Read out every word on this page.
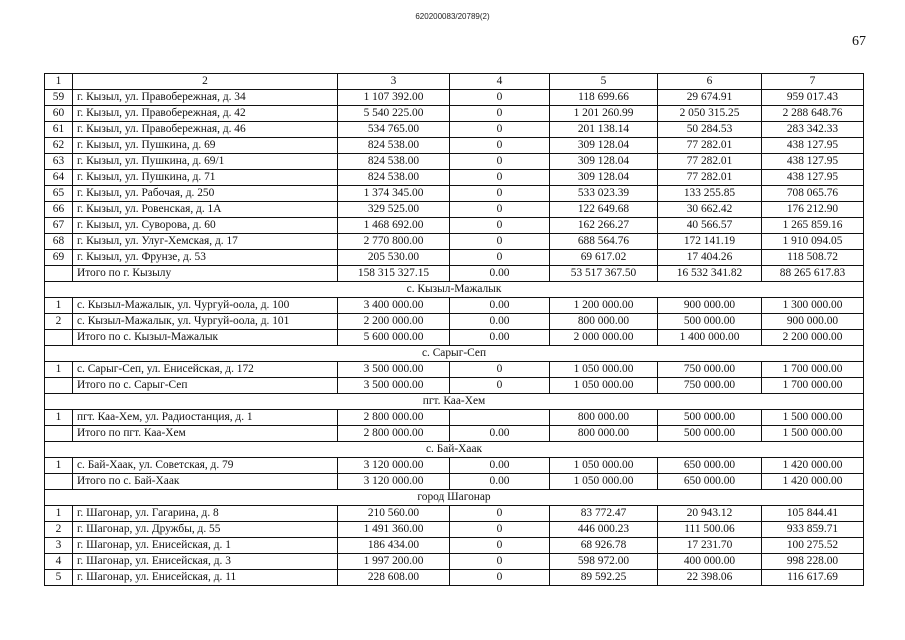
620200083/20789(2)
67
1	2	3	4	5	6	7
59	г. Кызыл, ул. Правобережная, д. 34	1 107 392.00	0	118 699.66	29 674.91	959 017.43
60	г. Кызыл, ул. Правобережная, д. 42	5 540 225.00	0	1 201 260.99	2 050 315.25	2 288 648.76
61	г. Кызыл, ул. Правобережная, д. 46	534 765.00	0	201 138.14	50 284.53	283 342.33
62	г. Кызыл, ул. Пушкина, д. 69	824 538.00	0	309 128.04	77 282.01	438 127.95
63	г. Кызыл, ул. Пушкина, д. 69/1	824 538.00	0	309 128.04	77 282.01	438 127.95
64	г. Кызыл, ул. Пушкина, д. 71	824 538.00	0	309 128.04	77 282.01	438 127.95
65	г. Кызыл, ул. Рабочая, д. 250	1 374 345.00	0	533 023.39	133 255.85	708 065.76
66	г. Кызыл, ул. Ровенская, д. 1А	329 525.00	0	122 649.68	30 662.42	176 212.90
67	г. Кызыл, ул. Суворова, д. 60	1 468 692.00	0	162 266.27	40 566.57	1 265 859.16
68	г. Кызыл, ул. Улуг-Хемская, д. 17	2 770 800.00	0	688 564.76	172 141.19	1 910 094.05
69	г. Кызыл, ул. Фрунзе, д. 53	205 530.00	0	69 617.02	17 404.26	118 508.72
	Итого по г. Кызылу	158 315 327.15	0.00	53 517 367.50	16 532 341.82	88 265 617.83
с. Кызыл-Мажалык						
1	с. Кызыл-Мажалык, ул. Чургуй-оола, д. 100	3 400 000.00	0.00	1 200 000.00	900 000.00	1 300 000.00
2	с. Кызыл-Мажалык, ул. Чургуй-оола, д. 101	2 200 000.00	0.00	800 000.00	500 000.00	900 000.00
	Итого по с. Кызыл-Мажалык	5 600 000.00	0.00	2 000 000.00	1 400 000.00	2 200 000.00
с. Сарыг-Сеп						
1	с. Сарыг-Сеп, ул. Енисейская, д. 172	3 500 000.00	0	1 050 000.00	750 000.00	1 700 000.00
	Итого по с. Сарыг-Сеп	3 500 000.00	0	1 050 000.00	750 000.00	1 700 000.00
пгт. Каа-Хем						
1	пгт. Каа-Хем, ул. Радиостанция, д. 1	2 800 000.00		800 000.00	500 000.00	1 500 000.00
	Итого по пгт. Каа-Хем	2 800 000.00	0.00	800 000.00	500 000.00	1 500 000.00
с. Бай-Хаак						
1	с. Бай-Хаак, ул. Советская, д. 79	3 120 000.00	0.00	1 050 000.00	650 000.00	1 420 000.00
	Итого по с. Бай-Хаак	3 120 000.00	0.00	1 050 000.00	650 000.00	1 420 000.00
город Шагонар						
1	г. Шагонар, ул. Гагарина, д. 8	210 560.00	0	83 772.47	20 943.12	105 844.41
2	г. Шагонар, ул. Дружбы, д. 55	1 491 360.00	0	446 000.23	111 500.06	933 859.71
3	г. Шагонар, ул. Енисейская, д. 1	186 434.00	0	68 926.78	17 231.70	100 275.52
4	г. Шагонар, ул. Енисейская, д. 3	1 997 200.00	0	598 972.00	400 000.00	998 228.00
5	г. Шагонар, ул. Енисейская, д. 11	228 608.00	0	89 592.25	22 398.06	116 617.69
